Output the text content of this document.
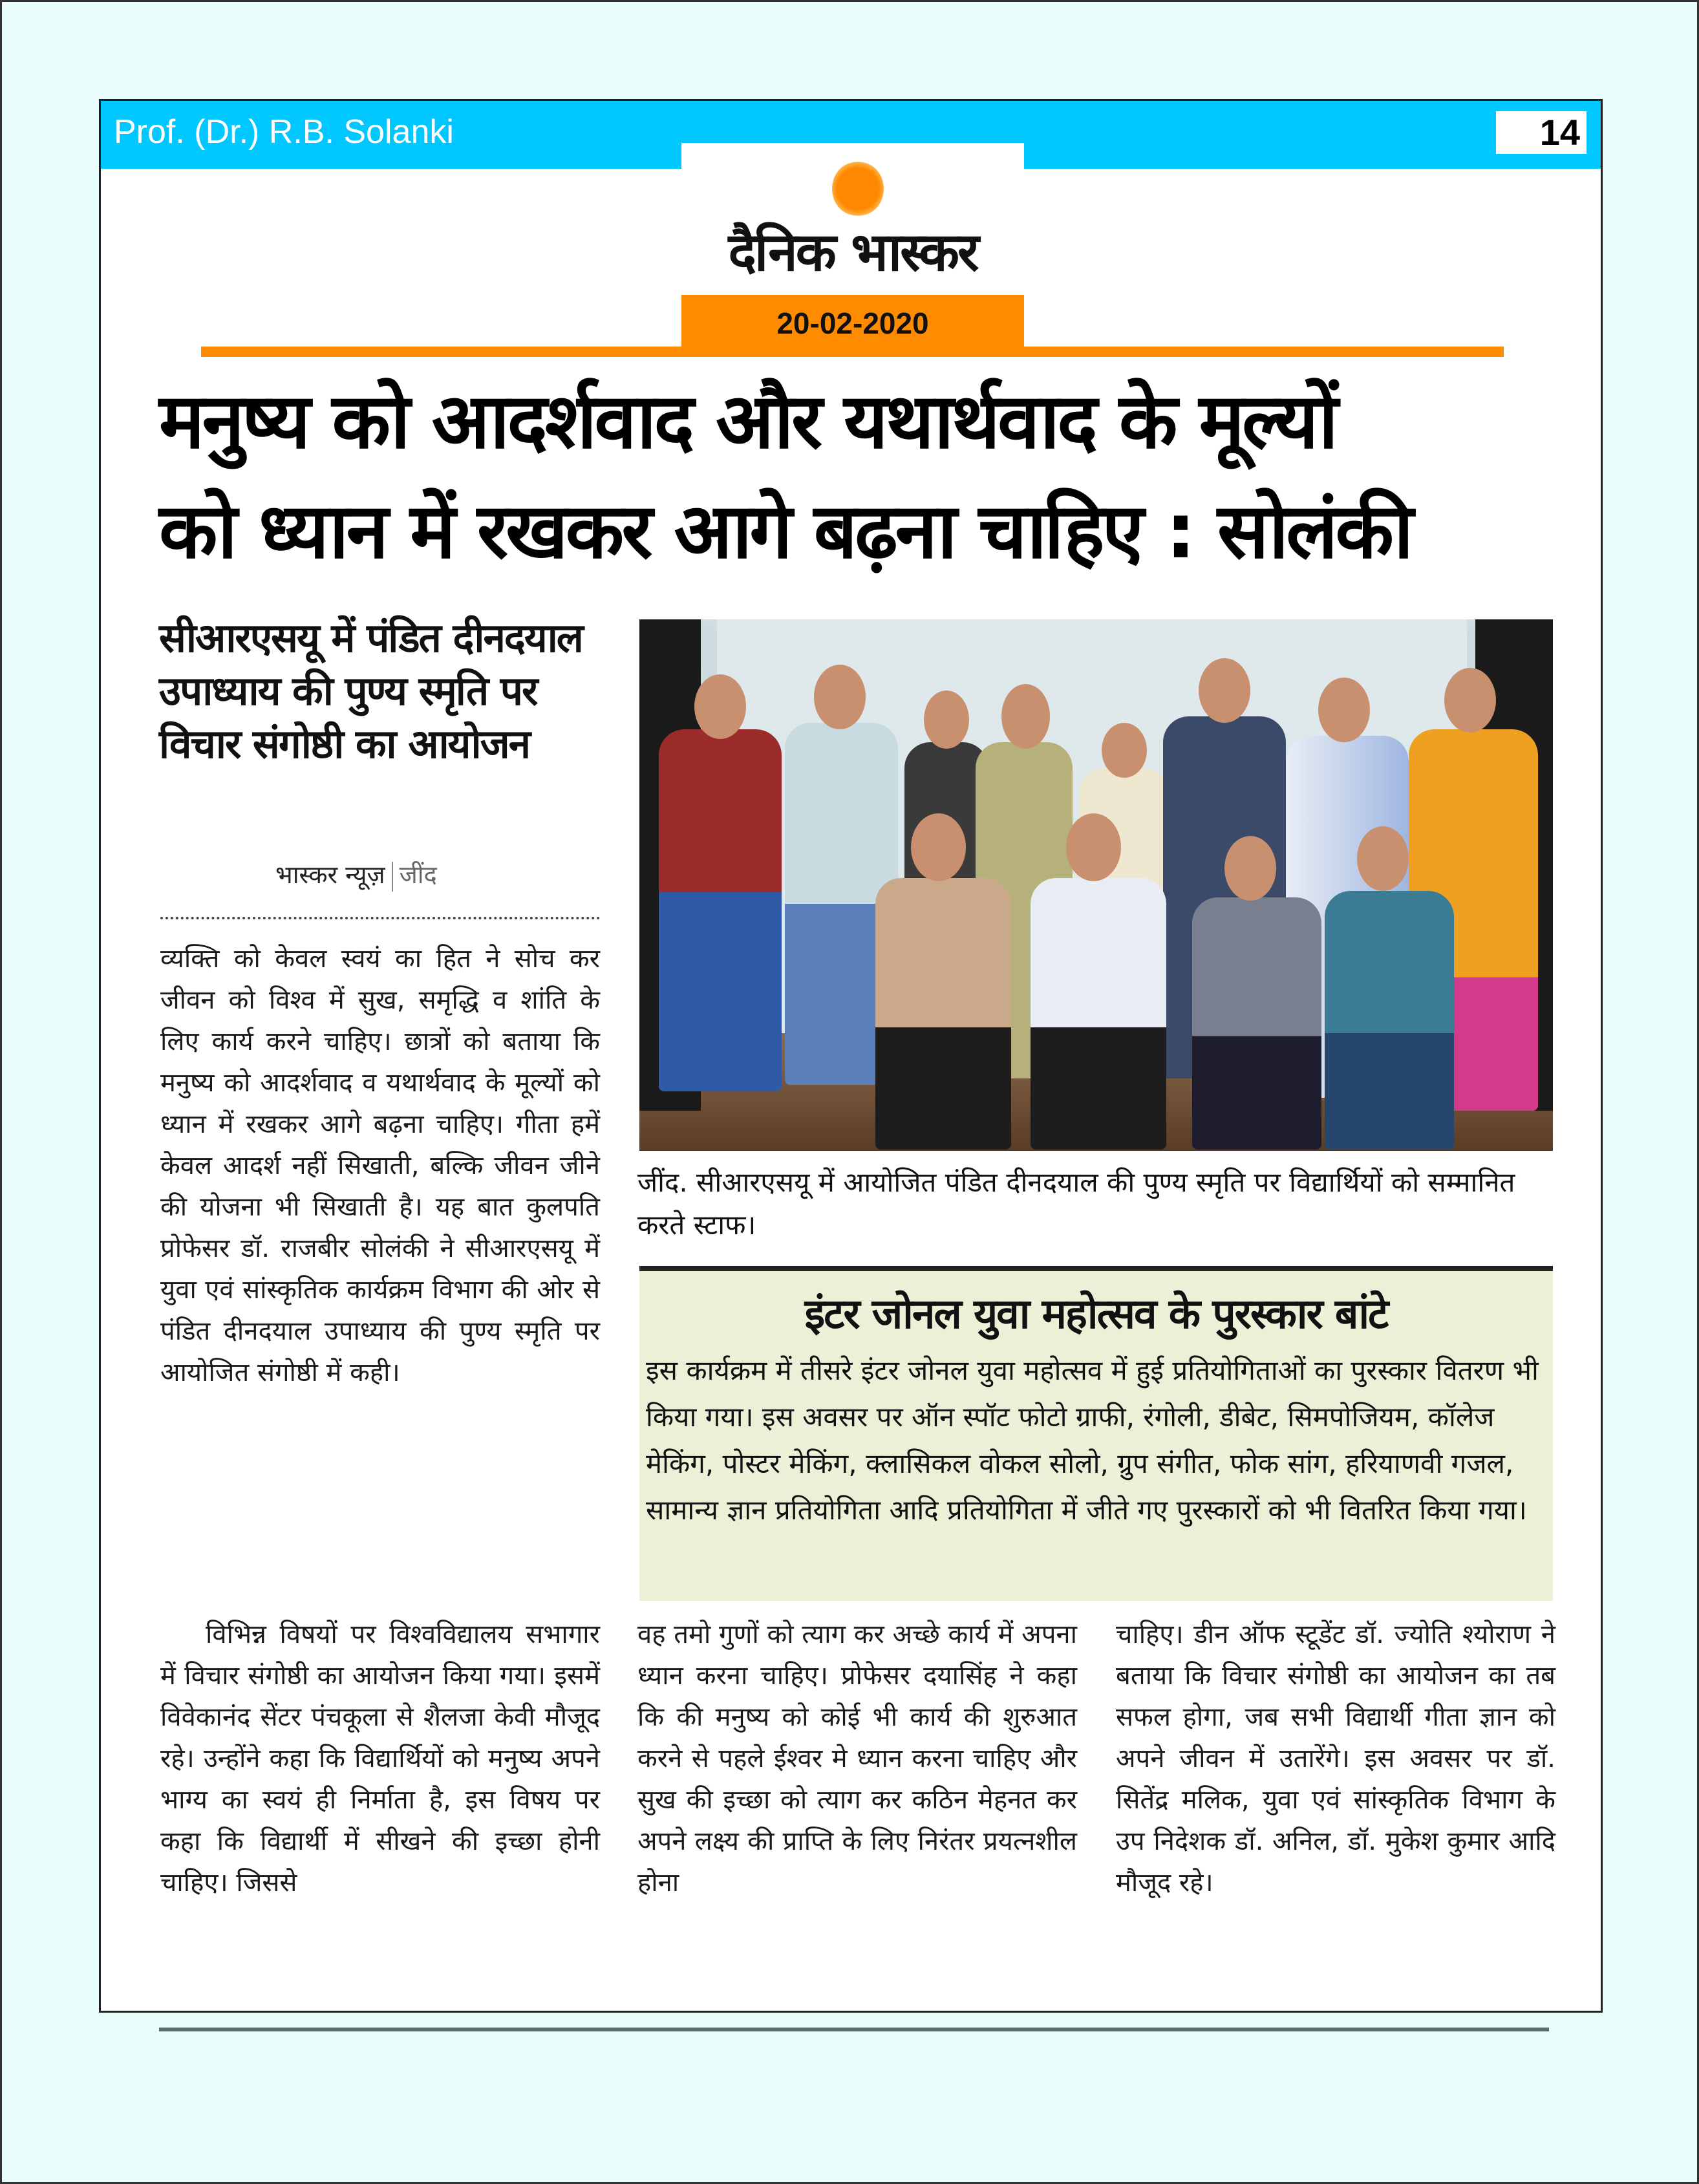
Prof. (Dr.) R.B. Solanki	14
दैनिक भास्कर
20-02-2020
मनुष्य को आदर्शवाद और यथार्थवाद के मूल्यों
को ध्यान में रखकर आगे बढ़ना चाहिए : सोलंकी
सीआरएसयू में पंडित दीनदयाल उपाध्याय की पुण्य स्मृति पर विचार संगोष्ठी का आयोजन
भास्कर न्यूज़ जींद
जींद. सीआरएसयू में आयोजित पंडित दीनदयाल की पुण्य स्मृति पर विद्यार्थियों को सम्मानित करते स्टाफ।
इंटर जोनल युवा महोत्सव के पुरस्कार बांटे
इस कार्यक्रम में तीसरे इंटर जोनल युवा महोत्सव में हुई प्रतियोगिताओं का पुरस्कार वितरण भी किया गया। इस अवसर पर ऑन स्पॉट फोटो ग्राफी, रंगोली, डीबेट, सिमपोजियम, कॉलेज मेकिंग, पोस्टर मेकिंग, क्लासिकल वोकल सोलो, ग्रुप संगीत, फोक सांग, हरियाणवी गजल, सामान्य ज्ञान प्रतियोगिता आदि प्रतियोगिता में जीते गए पुरस्कारों को भी वितरित किया गया।

व्यक्ति को केवल स्वयं का हित ने सोच कर जीवन को विश्व में सुख, समृद्धि व शांति के लिए कार्य करने चाहिए। छात्रों को बताया कि मनुष्य को आदर्शवाद व यथार्थवाद के मूल्यों को ध्यान में रखकर आगे बढ़ना चाहिए। गीता हमें केवल आदर्श नहीं सिखाती, बल्कि जीवन जीने की योजना भी सिखाती है। यह बात कुलपति प्रोफेसर डॉ. राजबीर सोलंकी ने सीआरएसयू में युवा एवं सांस्कृतिक कार्यक्रम विभाग की ओर से पंडित दीनदयाल उपाध्याय की पुण्य स्मृति पर आयोजित संगोष्ठी में कही।

विभिन्न विषयों पर विश्वविद्यालय सभागार में विचार संगोष्ठी का आयोजन किया गया। इसमें विवेकानंद सेंटर पंचकूला से शैलजा केवी मौजूद रहे। उन्होंने कहा कि विद्यार्थियों को मनुष्य अपने भाग्य का स्वयं ही निर्माता है, इस विषय पर कहा कि विद्यार्थी में सीखने की इच्छा होनी चाहिए। जिससे

वह तमो गुणों को त्याग कर अच्छे कार्य में अपना ध्यान करना चाहिए। प्रोफेसर दयासिंह ने कहा कि की मनुष्य को कोई भी कार्य की शुरुआत करने से पहले ईश्वर मे ध्यान करना चाहिए और सुख की इच्छा को त्याग कर कठिन मेहनत कर अपने लक्ष्य की प्राप्ति के लिए निरंतर प्रयत्नशील होना

चाहिए। डीन ऑफ स्टूडेंट डॉ. ज्योति श्योराण ने बताया कि विचार संगोष्ठी का आयोजन का तब सफल होगा, जब सभी विद्यार्थी गीता ज्ञान को अपने जीवन में उतारेंगे। इस अवसर पर डॉ. सितेंद्र मलिक, युवा एवं सांस्कृतिक विभाग के उप निदेशक डॉ. अनिल, डॉ. मुकेश कुमार आदि मौजूद रहे।
